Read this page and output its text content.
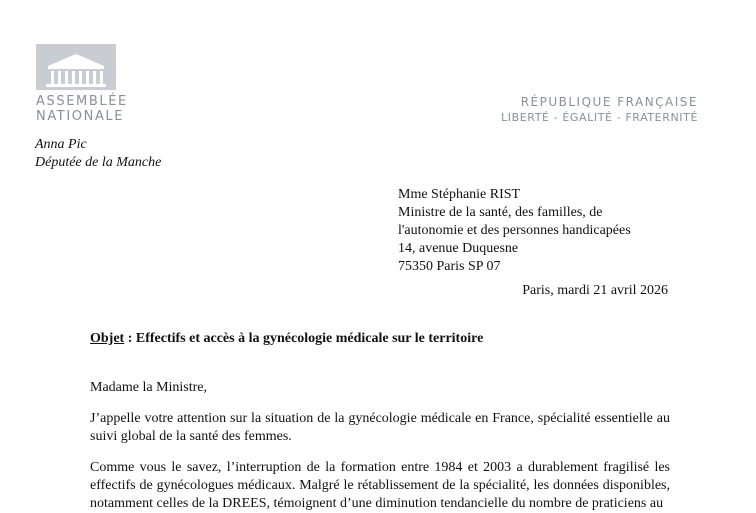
ASSEMBLÉE
NATIONALE
RÉPUBLIQUE FRANÇAISE
LIBERTÉ - ÉGALITÉ - FRATERNITÉ
Anna Pic
Députée de la Manche
Mme Stéphanie RIST
Ministre de la santé, des familles, de
l'autonomie et des personnes handicapées
14, avenue Duquesne
75350 Paris SP 07
Paris, mardi 21 avril 2026
Objet : Effectifs et accès à la gynécologie médicale sur le territoire
Madame la Ministre,
J’appelle votre attention sur la situation de la gynécologie médicale en France, spécialité essentielle au suivi global de la santé des femmes.
Comme vous le savez, l’interruption de la formation entre 1984 et 2003 a durablement fragilisé les effectifs de gynécologues médicaux. Malgré le rétablissement de la spécialité, les données disponibles, notamment celles de la DREES, témoignent d’une diminution tendancielle du nombre de praticiens au
